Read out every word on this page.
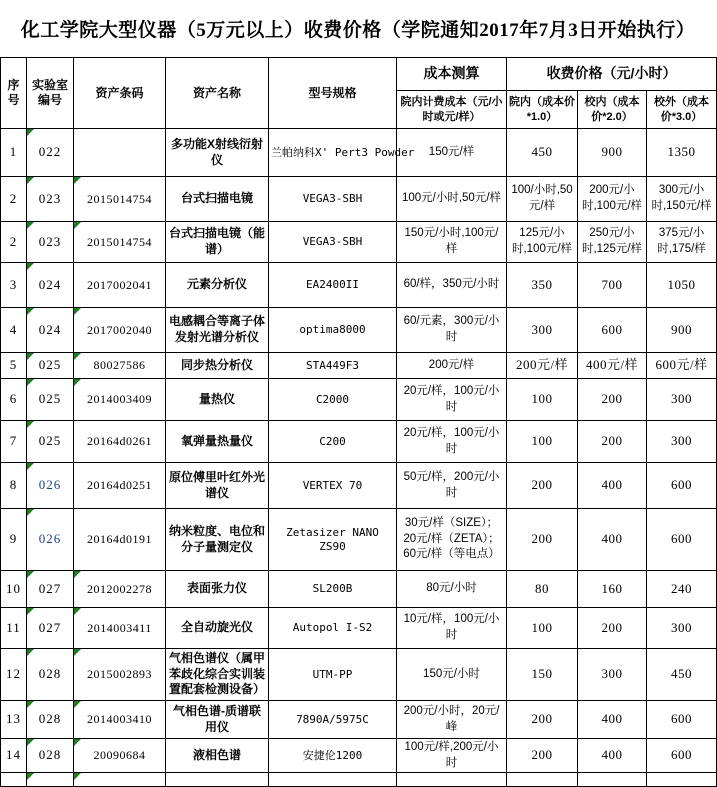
化工学院大型仪器（5万元以上）收费价格（学院通知2017年7月3日开始执行）
序号	实验室编号	资产条码	资产名称	型号规格	成本测算	收费价格（元/小时）		
					院内计费成本（元/小时或元/样）	院内（成本价*1.0）	校内（成本价*2.0）	校外（成本价*3.0）
1	022		多功能X射线衍射仪	兰帕纳科X' Pert3 Powder	150元/样	450	900	1350
2	023	2015014754	台式扫描电镜	VEGA3-SBH	100元/小时,50元/样	100/小时,50元/样	200元/小时,100元/样	300元/小时,150元/样
2	023	2015014754	台式扫描电镜（能谱）	VEGA3-SBH	150元/小时,100元/样	125元/小时,100元/样	250元/小时,125元/样	375元/小时,175/样
3	024	2017002041	元素分析仪	EA2400II	60/样，350元/小时	350	700	1050
4	024	2017002040	电感耦合等离子体发射光谱分析仪	optima8000	60/元素，300元/小时	300	600	900
5	025	80027586	同步热分析仪	STA449F3	200元/样	200元/样	400元/样	600元/样
6	025	2014003409	量热仪	C2000	20元/样，100元/小时	100	200	300
7	025	20164d0261	氧弹量热量仪	C200	20元/样，100元/小时	100	200	300
8	026	20164d0251	原位傅里叶红外光谱仪	VERTEX 70	50元/样，200元/小时	200	400	600
9	026	20164d0191	纳米粒度、电位和分子量测定仪	Zetasizer NANO ZS90	30元/样（SIZE）；20元/样（ZETA）；60元/样（等电点）	200	400	600
10	027	2012002278	表面张力仪	SL200B	80元/小时	80	160	240
11	027	2014003411	全自动旋光仪	Autopol I-S2	10元/样，100元/小时	100	200	300
12	028	2015002893	气相色谱仪（属甲苯歧化综合实训装置配套检测设备）	UTM-PP	150元/小时	150	300	450
13	028	2014003410	气相色谱-质谱联用仪	7890A/5975C	200元/小时，20元/峰	200	400	600
14	028	20090684	液相色谱	安捷伦1200	100元/样,200元/小时	200	400	600
